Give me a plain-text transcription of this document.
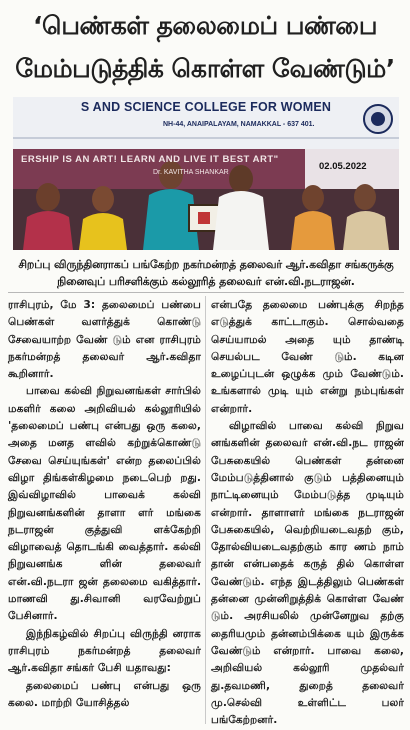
‘பெண்கள் தலைமைப் பண்பை
மேம்படுத்திக் கொள்ள வேண்டும்’
S AND SCIENCE COLLEGE FOR WOMEN
NH-44, ANAIPALAYAM, NAMAKKAL - 637 401.
ERSHIP IS AN ART! LEARN AND LIVE IT BEST ART"
Dr. KAVITHA SHANKAR
02.05.2022
சிறப்பு விருந்தினராகப் பங்கேற்ற நகர்மன்றத் தலைவர் ஆர்.கவிதா சங்கருக்கு நினைவுப் பரிசளிக்கும் கல்லூரித் தலைவர் என்.வி.நடராஜன்.

ராசிபுரம், மே 3: தலைமைப் பண்பை பெண்கள் வளர்த்துக் கொண்டு சேவையாற்ற வேண் டும் என ராசிபுரம் நகர்மன்றத் தலைவர் ஆர்.கவிதா கூறினார்.

பாவை கல்வி நிறுவனங்கள் சார்பில் மகளிர் கலை அறிவியல் கல்லூரியில் 'தலைமைப் பண்பு என்பது ஒரு கலை, அதை மனத ளவில் கற்றுக்கொண்டு சேவை செய்யுங்கள்' என்ற தலைப்பில் விழா திங்கள்கிழமை நடைபெற் றது. இவ்விழாவில் பாவைக் கல்வி நிறுவனங்களின் தாளா ளர் மங்கை நடராஜன் குத்துவி ளக்கேற்றி விழாவைத் தொடங்கி வைத்தார். கல்வி நிறுவனங்க ளின் தலைவர் என்.வி.நடரா ஜன் தலைமை வகித்தார். மாணவி து.சிவானி வரவேற்றுப் பேசினார்.

இந்நிகழ்வில் சிறப்பு விருந்தி னராக ராசிபுரம் நகர்மன்றத் தலைவர் ஆர்.கவிதா சங்கர் பேசி யதாவது:

தலைமைப் பண்பு என்பது ஒரு கலை. மாற்றி யோசித்தல்

என்பதே தலைமை பண்புக்கு சிறந்த எடுத்துக் காட்டாகும். சொல்வதை செய்யாமல் அதை யும் தாண்டி செயல்பட வேண் டும். கடின உழைப்புடன் ஒழுக்க மும் வேண்டும். உங்களால் முடி யும் என்று நம்புங்கள் என்றார்.

விழாவில் பாவை கல்வி நிறுவ னங்களின் தலைவர் என்.வி.நட ராஜன் பேசுகையில் பெண்கள் தன்னை மேம்படுத்தினால் குடும் பத்தினையும் நாட்டினையும் மேம்படுத்த முடியும் என்றார். தாளாளர் மங்கை நடராஜன் பேசுகையில், வெற்றியடைவதற் கும், தோல்வியடைவதற்கும் கார ணம் நாம் தான் என்பதைக் கருத் தில் கொள்ள வேண்டும். எந்த இடத்திலும் பெண்கள் தன்னை முன்னிறுத்திக் கொள்ள வேண் டும். அரசியலில் முன்னேறுவ தற்கு தைரியமும் தன்னம்பிக்கை யும் இருக்க வேண்டும் என்றார். பாவை கலை, அறிவியல் கல்லூரி முதல்வர் து.தவமணி, துறைத் தலைவர் மு.செல்வி உள்ளிட்ட பலர் பங்கேற்றனர்.
